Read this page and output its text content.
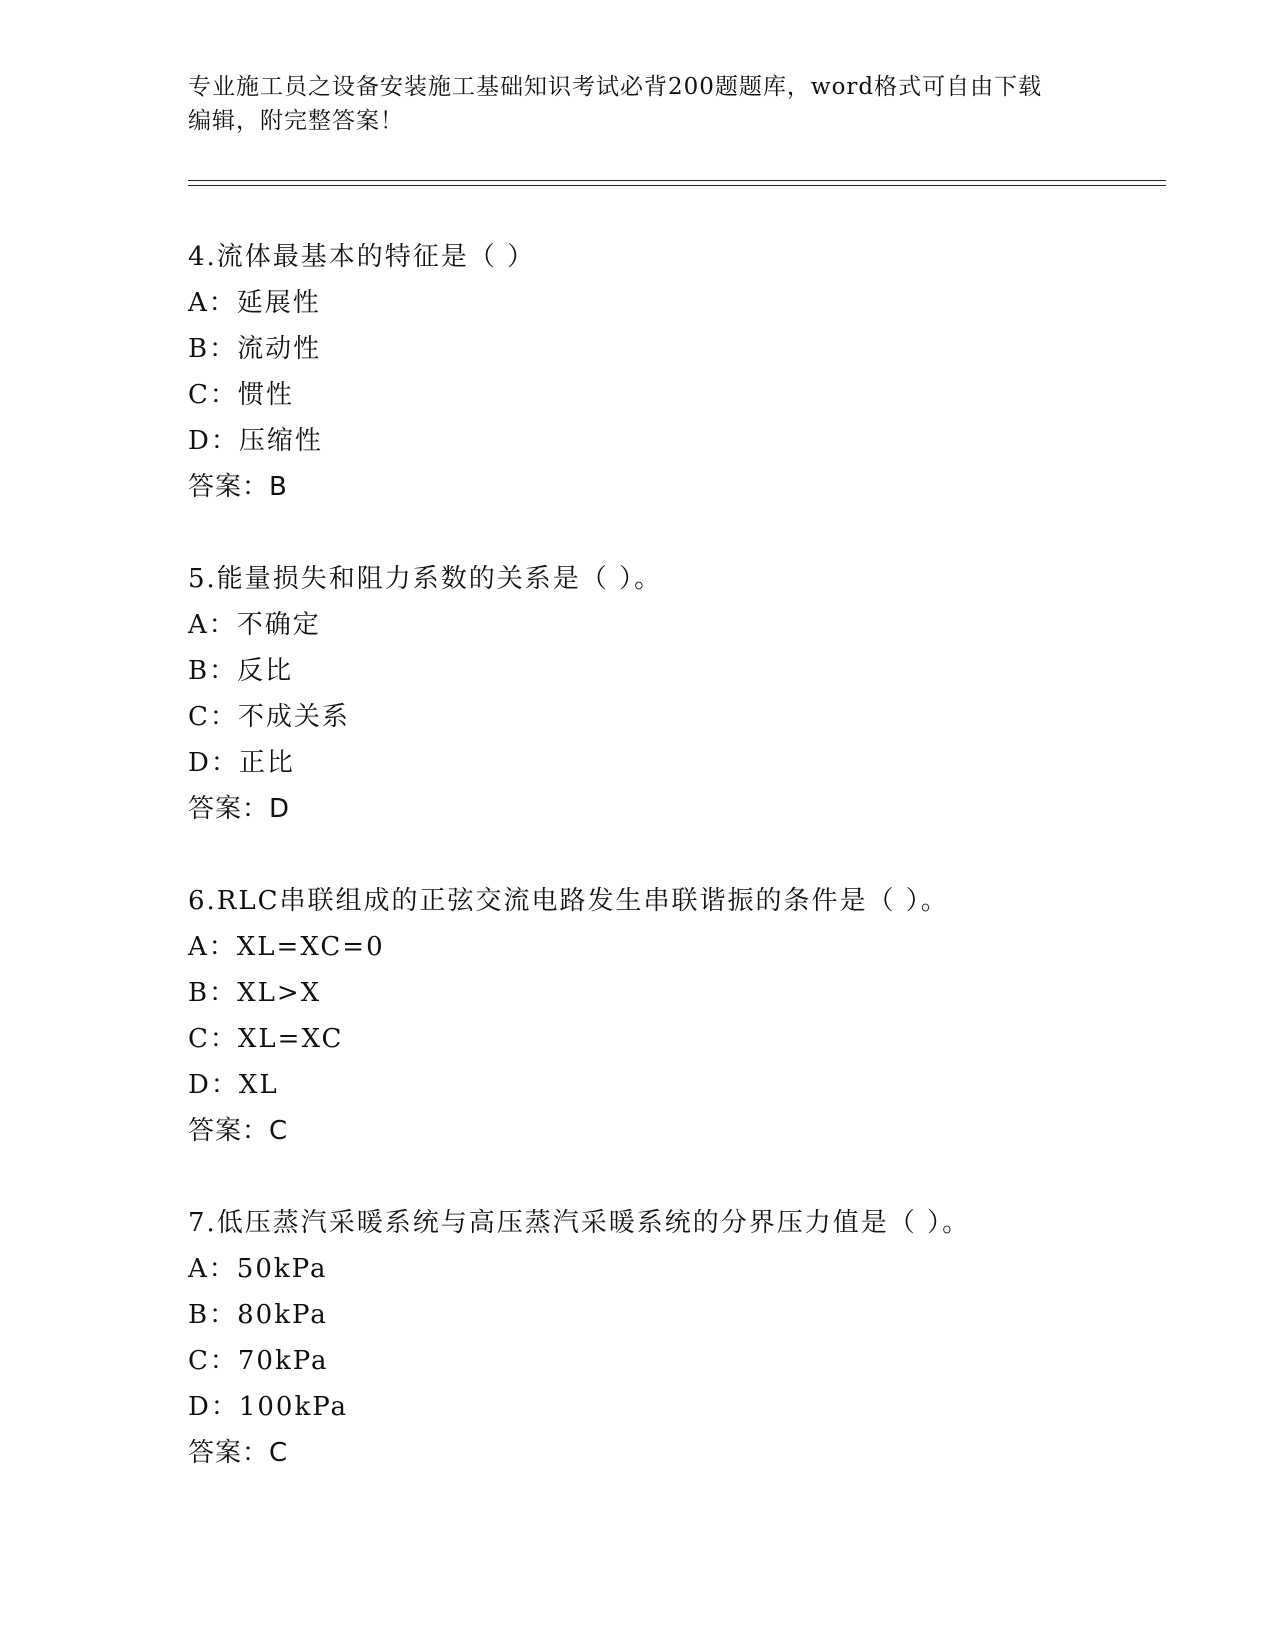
专业施工员之设备安装施工基础知识考试必背200题题库，word格式可自由下载
编辑，附完整答案！
4.流体最基本的特征是（ ）
A：延展性
B：流动性
C：惯性
D：压缩性
答案：B
5.能量损失和阻力系数的关系是（ ）。
A：不确定
B：反比
C：不成关系
D：正比
答案：D
6.RLC串联组成的正弦交流电路发生串联谐振的条件是（ ）。
A：XL=XC=0
B：XL>X
C：XL=XC
D：XL
答案：C
7.低压蒸汽采暖系统与高压蒸汽采暖系统的分界压力值是（ ）。
A：50kPa
B：80kPa
C：70kPa
D：100kPa
答案：C
